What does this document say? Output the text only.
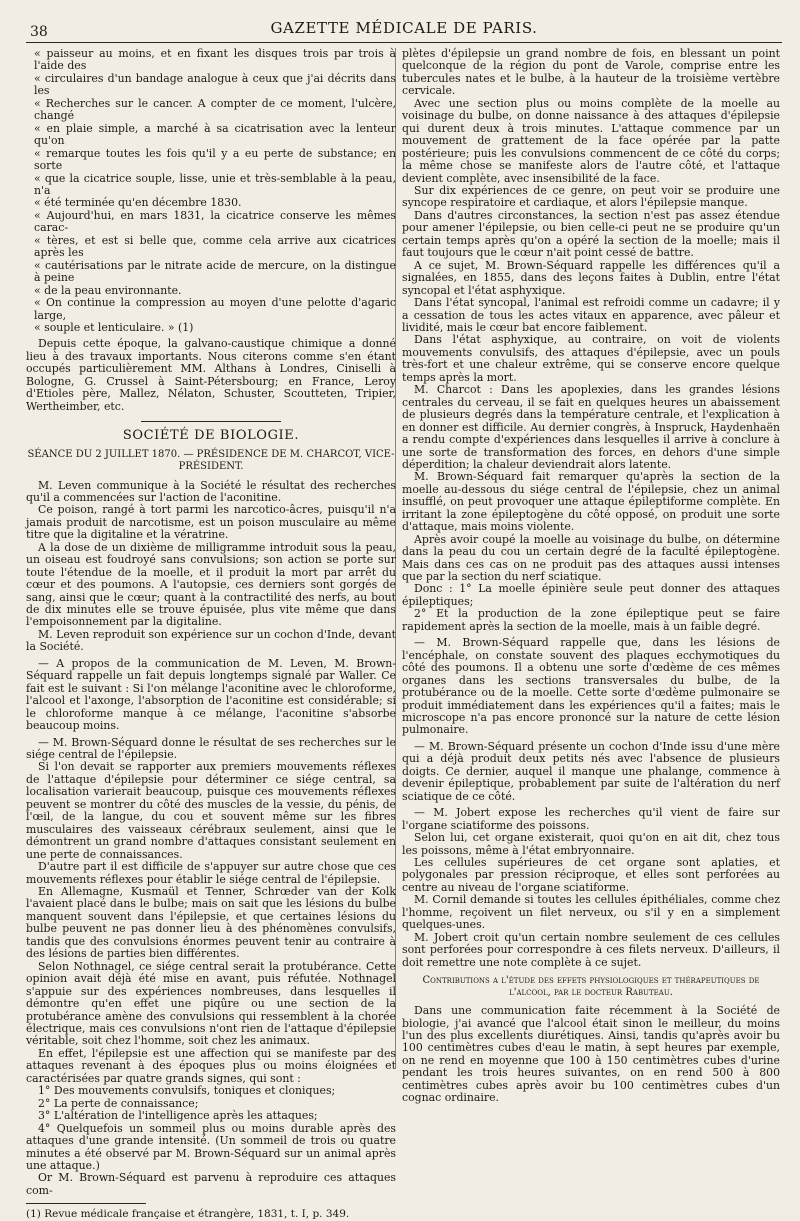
38	GAZETTE MÉDICALE DE PARIS.

« paisseur au moins, et en fixant les disques trois par trois à l'aide des

« circulaires d'un bandage analogue à ceux que j'ai décrits dans les

« Recherches sur le cancer. A compter de ce moment, l'ulcère, changé

« en plaie simple, a marché à sa cicatrisation avec la lenteur qu'on

« remarque toutes les fois qu'il y a eu perte de substance; en sorte

« que la cicatrice souple, lisse, unie et très-semblable à la peau, n'a

« été terminée qu'en décembre 1830.

« Aujourd'hui, en mars 1831, la cicatrice conserve les mêmes carac-

« tères, et est si belle que, comme cela arrive aux cicatrices après les

« cautérisations par le nitrate acide de mercure, on la distingue à peine

« de la peau environnante.

« On continue la compression au moyen d'une pelotte d'agaric large,

« souple et lenticulaire. » (1)

Depuis cette époque, la galvano-caustique chimique a donné lieu à des travaux importants. Nous citerons comme s'en étant occupés particulièrement MM. Althans à Londres, Ciniselli à Bologne, G. Crussel à Saint-Pétersbourg; en France, Leroy d'Etioles père, Mallez, Nélaton, Schuster, Scoutteten, Tripier, Wertheimber, etc.

SOCIÉTÉ DE BIOLOGIE.
SÉANCE DU 2 JUILLET 1870. — PRÉSIDENCE DE M. CHARCOT, VICE-PRÉSIDENT.

M. Leven communique à la Société le résultat des recherches qu'il a commencées sur l'action de l'aconitine.

Ce poison, rangé à tort parmi les narcotico-âcres, puisqu'il n'a jamais produit de narcotisme, est un poison musculaire au même titre que la digitaline et la vératrine.

A la dose de un dixième de milligramme introduit sous la peau, un oiseau est foudroyé sans convulsions; son action se porte sur toute l'étendue de la moelle, et il produit la mort par arrêt du cœur et des poumons. A l'autopsie, ces derniers sont gorgés de sang, ainsi que le cœur; quant à la contractilité des nerfs, au bout de dix minutes elle se trouve épuisée, plus vite même que dans l'empoisonnement par la digitaline.

M. Leven reproduit son expérience sur un cochon d'Inde, devant la Société.

— A propos de la communication de M. Leven, M. Brown-Séquard rappelle un fait depuis longtemps signalé par Waller. Ce fait est le suivant : Si l'on mélange l'aconitine avec le chloroforme, l'alcool et l'axonge, l'absorption de l'aconitine est considérable; si le chloroforme manque à ce mélange, l'aconitine s'absorbe beaucoup moins.

— M. Brown-Séquard donne le résultat de ses recherches sur le siége central de l'épilepsie.

Si l'on devait se rapporter aux premiers mouvements réflexes de l'attaque d'épilepsie pour déterminer ce siége central, sa localisation varierait beaucoup, puisque ces mouvements réflexes peuvent se montrer du côté des muscles de la vessie, du pénis, de l'œil, de la langue, du cou et souvent même sur les fibres musculaires des vaisseaux cérébraux seulement, ainsi que le démontrent un grand nombre d'attaques consistant seulement en une perte de connaissances.

D'autre part il est difficile de s'appuyer sur autre chose que ces mouvements réflexes pour établir le siége central de l'épilepsie.

En Allemagne, Kusmaül et Tenner, Schrœder van der Kolk l'avaient placé dans le bulbe; mais on sait que les lésions du bulbe manquent souvent dans l'épilepsie, et que certaines lésions du bulbe peuvent ne pas donner lieu à des phénomènes convulsifs, tandis que des convulsions énormes peuvent tenir au contraire à des lésions de parties bien différentes.

Selon Nothnagel, ce siége central serait la protubérance. Cette opinion avait déjà été mise en avant, puis réfutée. Nothnagel s'appuie sur des expériences nombreuses, dans lesquelles il démontre qu'en effet une piqûre ou une section de la protubérance amène des convulsions qui ressemblent à la chorée électrique, mais ces convulsions n'ont rien de l'attaque d'épilepsie véritable, soit chez l'homme, soit chez les animaux.

En effet, l'épilepsie est une affection qui se manifeste par des attaques revenant à des époques plus ou moins éloignées et caractérisées par quatre grands signes, qui sont :

1° Des mouvements convulsifs, toniques et cloniques;

2° La perte de connaissance;

3° L'altération de l'intelligence après les attaques;

4° Quelquefois un sommeil plus ou moins durable après des attaques d'une grande intensité. (Un sommeil de trois ou quatre minutes a été observé par M. Brown-Séquard sur un animal après une attaque.)

Or M. Brown-Séquard est parvenu à reproduire ces attaques com-

(1) Revue médicale française et étrangère, 1831, t. I, p. 349.

plètes d'épilepsie un grand nombre de fois, en blessant un point quelconque de la région du pont de Varole, comprise entre les tubercules nates et le bulbe, à la hauteur de la troisième vertèbre cervicale.

Avec une section plus ou moins complète de la moelle au voisinage du bulbe, on donne naissance à des attaques d'épilepsie qui durent deux à trois minutes. L'attaque commence par un mouvement de grattement de la face opérée par la patte postérieure; puis les convulsions commencent de ce côté du corps; la même chose se manifeste alors de l'autre côté, et l'attaque devient complète, avec insensibilité de la face.

Sur dix expériences de ce genre, on peut voir se produire une syncope respiratoire et cardiaque, et alors l'épilepsie manque.

Dans d'autres circonstances, la section n'est pas assez étendue pour amener l'épilepsie, ou bien celle-ci peut ne se produire qu'un certain temps après qu'on a opéré la section de la moelle; mais il faut toujours que le cœur n'ait point cessé de battre.

A ce sujet, M. Brown-Séquard rappelle les différences qu'il a signalées, en 1855, dans des leçons faites à Dublin, entre l'état syncopal et l'état asphyxique.

Dans l'état syncopal, l'animal est refroidi comme un cadavre; il y a cessation de tous les actes vitaux en apparence, avec pâleur et lividité, mais le cœur bat encore faiblement.

Dans l'état asphyxique, au contraire, on voit de violents mouvements convulsifs, des attaques d'épilepsie, avec un pouls très-fort et une chaleur extrême, qui se conserve encore quelque temps après la mort.

M. Charcot : Dans les apoplexies, dans les grandes lésions centrales du cerveau, il se fait en quelques heures un abaissement de plusieurs degrés dans la température centrale, et l'explication à en donner est difficile. Au dernier congrès, à Inspruck, Haydenhaën a rendu compte d'expériences dans lesquelles il arrive à conclure à une sorte de transformation des forces, en dehors d'une simple déperdition; la chaleur deviendrait alors latente.

M. Brown-Séquard fait remarquer qu'après la section de la moelle au-dessous du siége central de l'épilepsie, chez un animal insufflé, on peut provoquer une attaque épileptiforme complète. En irritant la zone épileptogène du côté opposé, on produit une sorte d'attaque, mais moins violente.

Après avoir coupé la moelle au voisinage du bulbe, on détermine dans la peau du cou un certain degré de la faculté épileptogène. Mais dans ces cas on ne produit pas des attaques aussi intenses que par la section du nerf sciatique.

Donc : 1° La moelle épinière seule peut donner des attaques épileptiques;

2° Et la production de la zone épileptique peut se faire rapidement après la section de la moelle, mais à un faible degré.

— M. Brown-Séquard rappelle que, dans les lésions de l'encéphale, on constate souvent des plaques ecchymotiques du côté des poumons. Il a obtenu une sorte d'œdème de ces mêmes organes dans les sections transversales du bulbe, de la protubérance ou de la moelle. Cette sorte d'œdème pulmonaire se produit immédiatement dans les expériences qu'il a faites; mais le microscope n'a pas encore prononcé sur la nature de cette lésion pulmonaire.

— M. Brown-Séquard présente un cochon d'Inde issu d'une mère qui a déjà produit deux petits nés avec l'absence de plusieurs doigts. Ce dernier, auquel il manque une phalange, commence à devenir épileptique, probablement par suite de l'altération du nerf sciatique de ce côté.

— M. Jobert expose les recherches qu'il vient de faire sur l'organe sciatiforme des poissons.

Selon lui, cet organe existerait, quoi qu'on en ait dit, chez tous les poissons, même à l'état embryonnaire.

Les cellules supérieures de cet organe sont aplaties, et polygonales par pression réciproque, et elles sont perforées au centre au niveau de l'organe sciatiforme.

M. Cornil demande si toutes les cellules épithéliales, comme chez l'homme, reçoivent un filet nerveux, ou s'il y en a simplement quelques-unes.

M. Jobert croit qu'un certain nombre seulement de ces cellules sont perforées pour correspondre à ces filets nerveux. D'ailleurs, il doit remettre une note complète à ce sujet.

Contributions a l'étude des effets physiologiques et thérapeutiques de l'alcool, par le docteur Rabuteau.

Dans une communication faite récemment à la Société de biologie, j'ai avancé que l'alcool était sinon le meilleur, du moins l'un des plus excellents diurétiques. Ainsi, tandis qu'après avoir bu 100 centimètres cubes d'eau le matin, à sept heures par exemple, on ne rend en moyenne que 100 à 150 centimètres cubes d'urine pendant les trois heures suivantes, on en rend 500 à 800 centimètres cubes après avoir bu 100 centimètres cubes d'un cognac ordinaire.
